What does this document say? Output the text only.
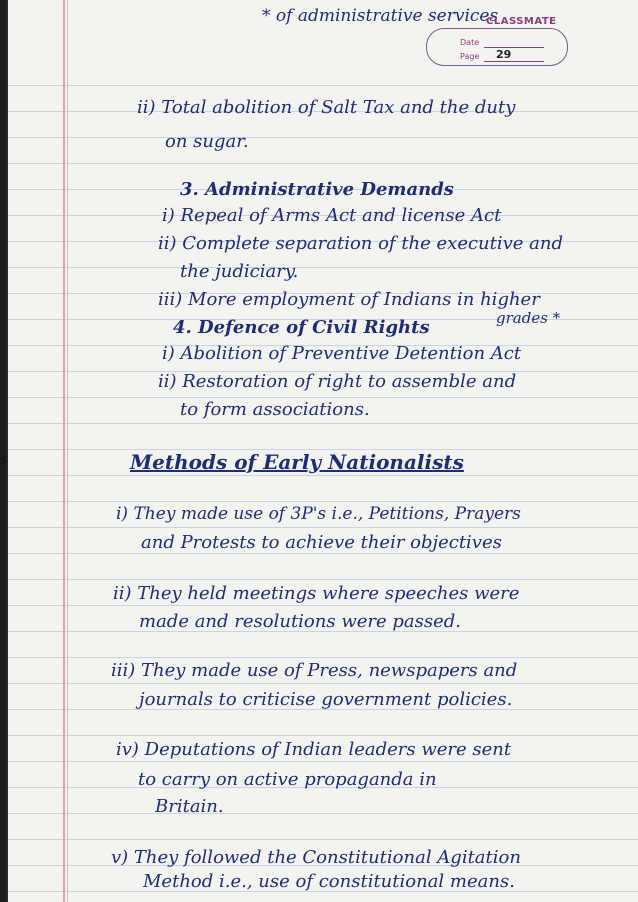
* of administrative services
CLASSMATE
Date
Page 29
ii) Total abolition of Salt Tax and the duty
on sugar.
3. Administrative Demands
i) Repeal of Arms Act and license Act
ii) Complete separation of the executive and
the judiciary.
iii) More employment of Indians in higher
grades *
4. Defence of Civil Rights
i) Abolition of Preventive Detention Act
ii) Restoration of right to assemble and
to form associations.
Methods of Early Nationalists
i) They made use of 3P's i.e., Petitions, Prayers
and Protests to achieve their objectives
ii) They held meetings where speeches were
made and resolutions were passed.
iii) They made use of Press, newspapers and
journals to criticise government policies.
iv) Deputations of Indian leaders were sent
to carry on active propaganda in
Britain.
v) They followed the Constitutional Agitation
Method i.e., use of constitutional means.
s
